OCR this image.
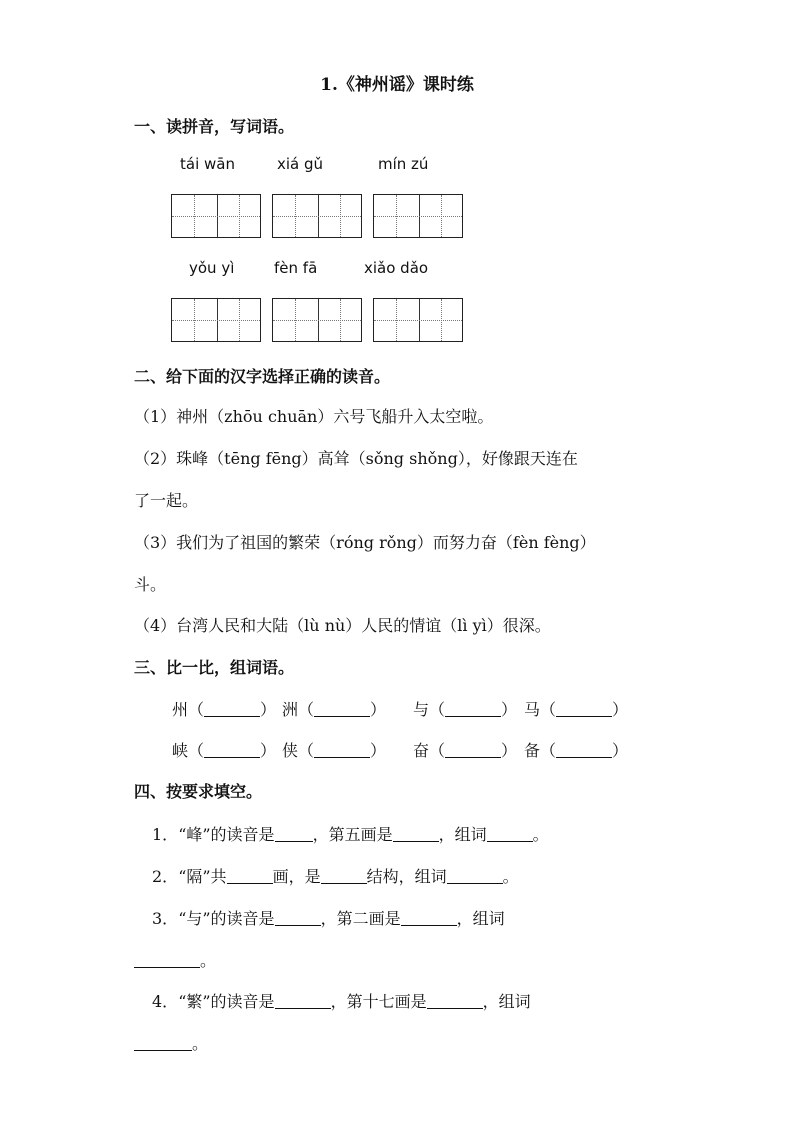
1.《神州谣》课时练
一、读拼音，写词语。
tái wān	xiá gǔ	mín zú
yǒu yì	fèn fā	xiǎo dǎo
二、给下面的汉字选择正确的读音。
（1）神州（zhōu chuān）六号飞船升入太空啦。
（2）珠峰（tēng fēng）高耸（sǒng shǒng），好像跟天连在
了一起。
（3）我们为了祖国的繁荣（róng rǒng）而努力奋（fèn fèng）
斗。
（4）台湾人民和大陆（lù nù）人民的情谊（lì yì）很深。
三、比一比，组词语。
州（	） 洲（	） 与（	） 马（	）
峡（	） 侠（	） 奋（	） 备（	）
四、按要求填空。
1．“峰”的读音是 ，第五画是	，组词	。
2．“隔”共	画，是	结构，组词	。
3．“与”的读音是	，第二画是	，组词
。
4．“繁”的读音是	，第十七画是	，组词
。
